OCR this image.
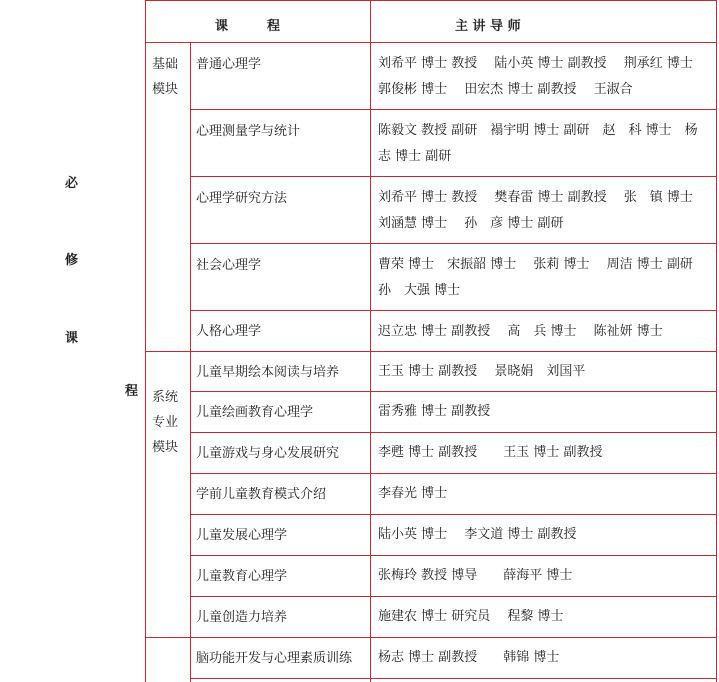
必
修
课
程
课　　　程	主 讲 导 师
基础模块
系统专业模块
普通心理学
心理测量学与统计
心理学研究方法
社会心理学
人格心理学
儿童早期绘本阅读与培养
儿童绘画教育心理学
儿童游戏与身心发展研究
学前儿童教育模式介绍
儿童发展心理学
儿童教育心理学
儿童创造力培养
脑功能开发与心理素质训练
刘希平 博士 教授　 陆小英 博士 副教授　 荆承红 博士　 郭俊彬 博士　 田宏杰 博士 副教授　 王淑合
陈毅文 教授 副研　褟宇明 博士 副研　赵　科 博士　杨　志 博士 副研
刘希平 博士 教授　 樊春雷 博士 副教授　 张　镇 博士　 刘涵慧 博士　 孙　彦 博士 副研
曹荣 博士　宋振韶 博士　 张莉 博士　 周洁 博士 副研　孙　大强 博士
迟立忠 博士 副教授　 高　兵 博士　 陈祉妍 博士
王玉 博士 副教授　 景晓娟　刘国平
雷秀雅 博士 副教授
李甦 博士 副教授　　王玉 博士 副教授
李春光 博士
陆小英 博士　 李文道 博士 副教授
张梅玲 教授 博导　　薛海平 博士
施建农 博士 研究员　 程黎 博士
杨志 博士 副教授　　韩锦 博士
